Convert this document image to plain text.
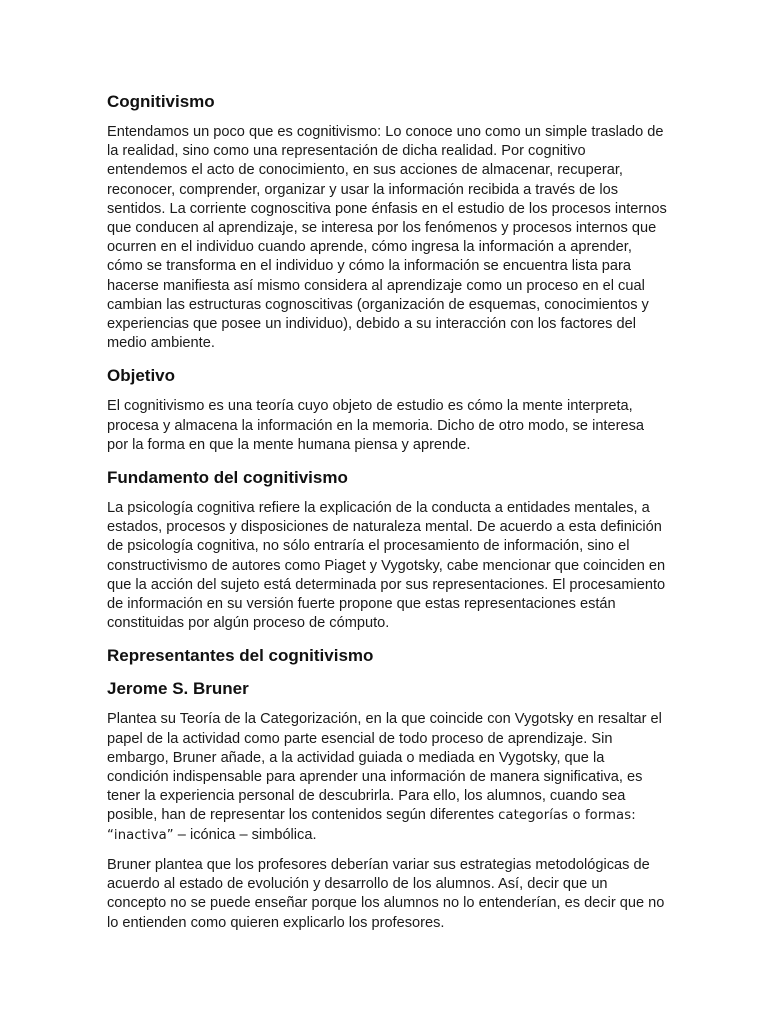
Cognitivismo
Entendamos un poco que es cognitivismo: Lo conoce uno como un simple traslado de la realidad, sino como una representación de dicha realidad. Por cognitivo entendemos el acto de conocimiento, en sus acciones de almacenar, recuperar, reconocer, comprender, organizar y usar la información recibida a través de los sentidos. La corriente cognoscitiva pone énfasis en el estudio de los procesos internos que conducen al aprendizaje, se interesa por los fenómenos y procesos internos que ocurren en el individuo cuando aprende, cómo ingresa la información a aprender, cómo se transforma en el individuo y cómo la información se encuentra lista para hacerse manifiesta así mismo considera al aprendizaje como un proceso en el cual cambian las estructuras cognoscitivas (organización de esquemas, conocimientos y experiencias que posee un individuo), debido a su interacción con los factores del medio ambiente.
Objetivo
El cognitivismo es una teoría cuyo objeto de estudio es cómo la mente interpreta, procesa y almacena la información en la memoria. Dicho de otro modo, se interesa por la forma en que la mente humana piensa y aprende.
Fundamento del cognitivismo
La psicología cognitiva refiere la explicación de la conducta a entidades mentales, a estados, procesos y disposiciones de naturaleza mental. De acuerdo a esta definición de psicología cognitiva, no sólo entraría el procesamiento de información, sino el constructivismo de autores como Piaget y Vygotsky, cabe mencionar que coinciden en que la acción del sujeto está determinada por sus representaciones. El procesamiento de información en su versión fuerte propone que estas representaciones están constituidas por algún proceso de cómputo.
Representantes del cognitivismo
Jerome S. Bruner
Plantea su Teoría de la Categorización, en la que coincide con Vygotsky en resaltar el papel de la actividad como parte esencial de todo proceso de aprendizaje. Sin embargo, Bruner añade, a la actividad guiada o mediada en Vygotsky, que la condición indispensable para aprender una información de manera significativa, es tener la experiencia personal de descubrirla. Para ello, los alumnos, cuando sea posible, han de representar los contenidos según diferentes categorías o formas: “inactiva” – icónica – simbólica.
Bruner plantea que los profesores deberían variar sus estrategias metodológicas de acuerdo al estado de evolución y desarrollo de los alumnos. Así, decir que un concepto no se puede enseñar porque los alumnos no lo entenderían, es decir que no lo entienden como quieren explicarlo los profesores.
